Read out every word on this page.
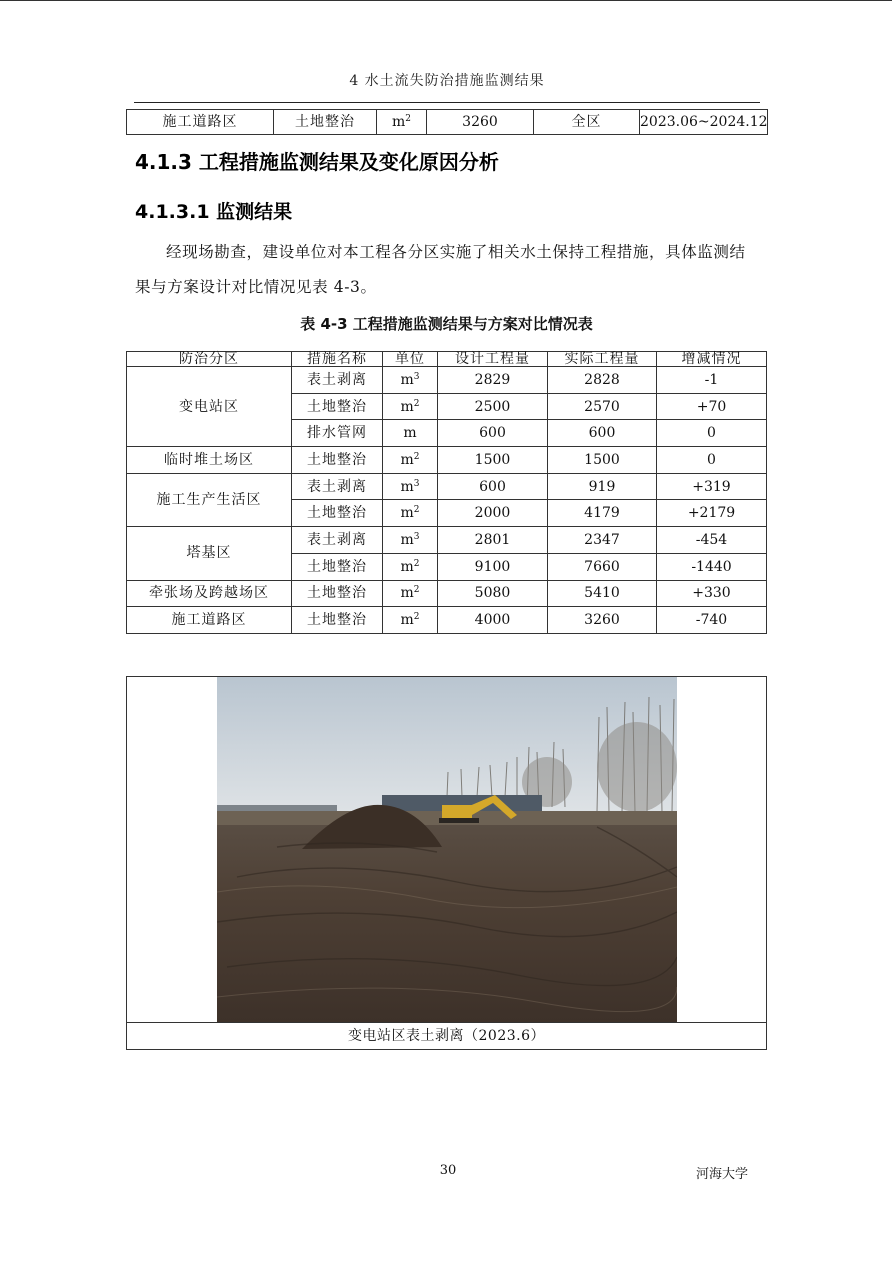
4 水土流失防治措施监测结果
施工道路区	土地整治	$m^2$	3260	全区	2023.06~2024.12
4.1.3 工程措施监测结果及变化原因分析
4.1.3.1 监测结果
经现场勘查，建设单位对本工程各分区实施了相关水土保持工程措施，具体监测结果与方案设计对比情况见表 4-3。
表 4-3 工程措施监测结果与方案对比情况表
防治分区	措施名称	单位	设计工程量	实际工程量	增减情况
变电站区	表土剥离	$m^3$	2829	2828	-1
	土地整治	$m^2$	2500	2570	+70
	排水管网	m	600	600	0
临时堆土场区	土地整治	$m^2$	1500	1500	0
施工生产生活区	表土剥离	$m^3$	600	919	+319
	土地整治	$m^2$	2000	4179	+2179
塔基区	表土剥离	$m^3$	2801	2347	-454
	土地整治	$m^2$	9100	7660	-1440
牵张场及跨越场区	土地整治	$m^2$	5080	5410	+330
施工道路区	土地整治	$m^2$	4000	3260	-740
变电站区表土剥离（2023.6）
30	河海大学
